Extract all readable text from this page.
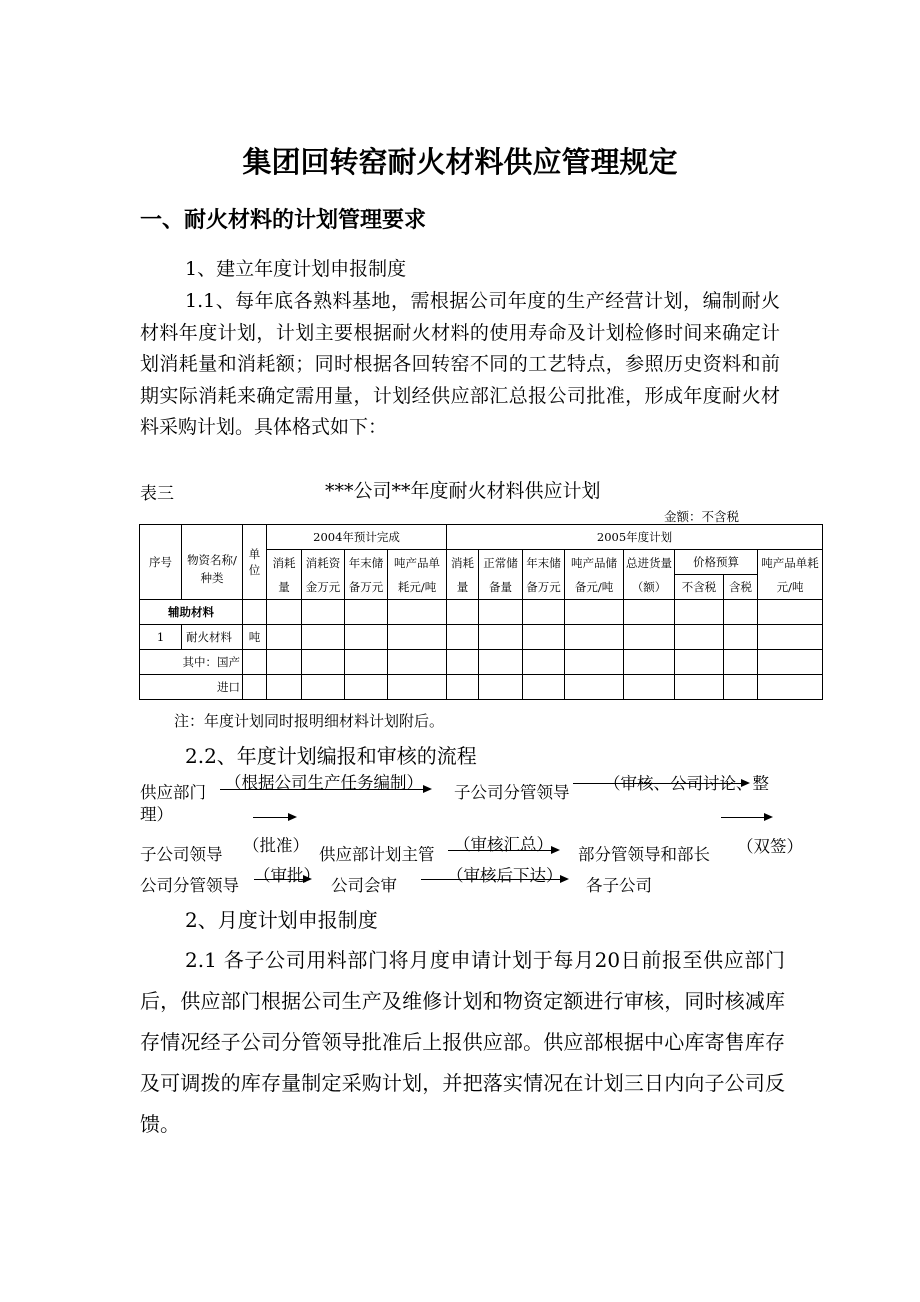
集团回转窑耐火材料供应管理规定
一、耐火材料的计划管理要求
1、建立年度计划申报制度
1.1、每年底各熟料基地，需根据公司年度的生产经营计划，编制耐火材料年度计划，计划主要根据耐火材料的使用寿命及计划检修时间来确定计划消耗量和消耗额；同时根据各回转窑不同的工艺特点，参照历史资料和前期实际消耗来确定需用量，计划经供应部汇总报公司批准，形成年度耐火材料采购计划。具体格式如下：
表三	***公司**年度耐火材料供应计划
金额：不含税
序号	物资名称/种类	单位	2004年预计完成				2005年度计划							

			消耗量	消耗资金万元	年末储备万元	吨产品单耗元/吨	消耗量	正常储备量	年末储备万元	吨产品储备元/吨	总进货量（额）	价格预算		吨产品单耗元/吨

												不含税	含税	
辅助材料														
1	耐火材料	吨												
其中：国产														
进口														
注：年度计划同时报明细材料计划附后。
2.2、年度计划编报和审核的流程
供应部门
（根据公司生产任务编制）
子公司分管领导 （审核、公司讨论、整
理）
子公司领导 （批准） 供应部计划主管
（审核汇总）
部分管领导和部长 （双签）
公司分管领导
（审批）
公司会审
（审核后下达）
各子公司
2、月度计划申报制度
2.1 各子公司用料部门将月度申请计划于每月20日前报至供应部门后，供应部门根据公司生产及维修计划和物资定额进行审核，同时核减库存情况经子公司分管领导批准后上报供应部。供应部根据中心库寄售库存及可调拨的库存量制定采购计划，并把落实情况在计划三日内向子公司反馈。
